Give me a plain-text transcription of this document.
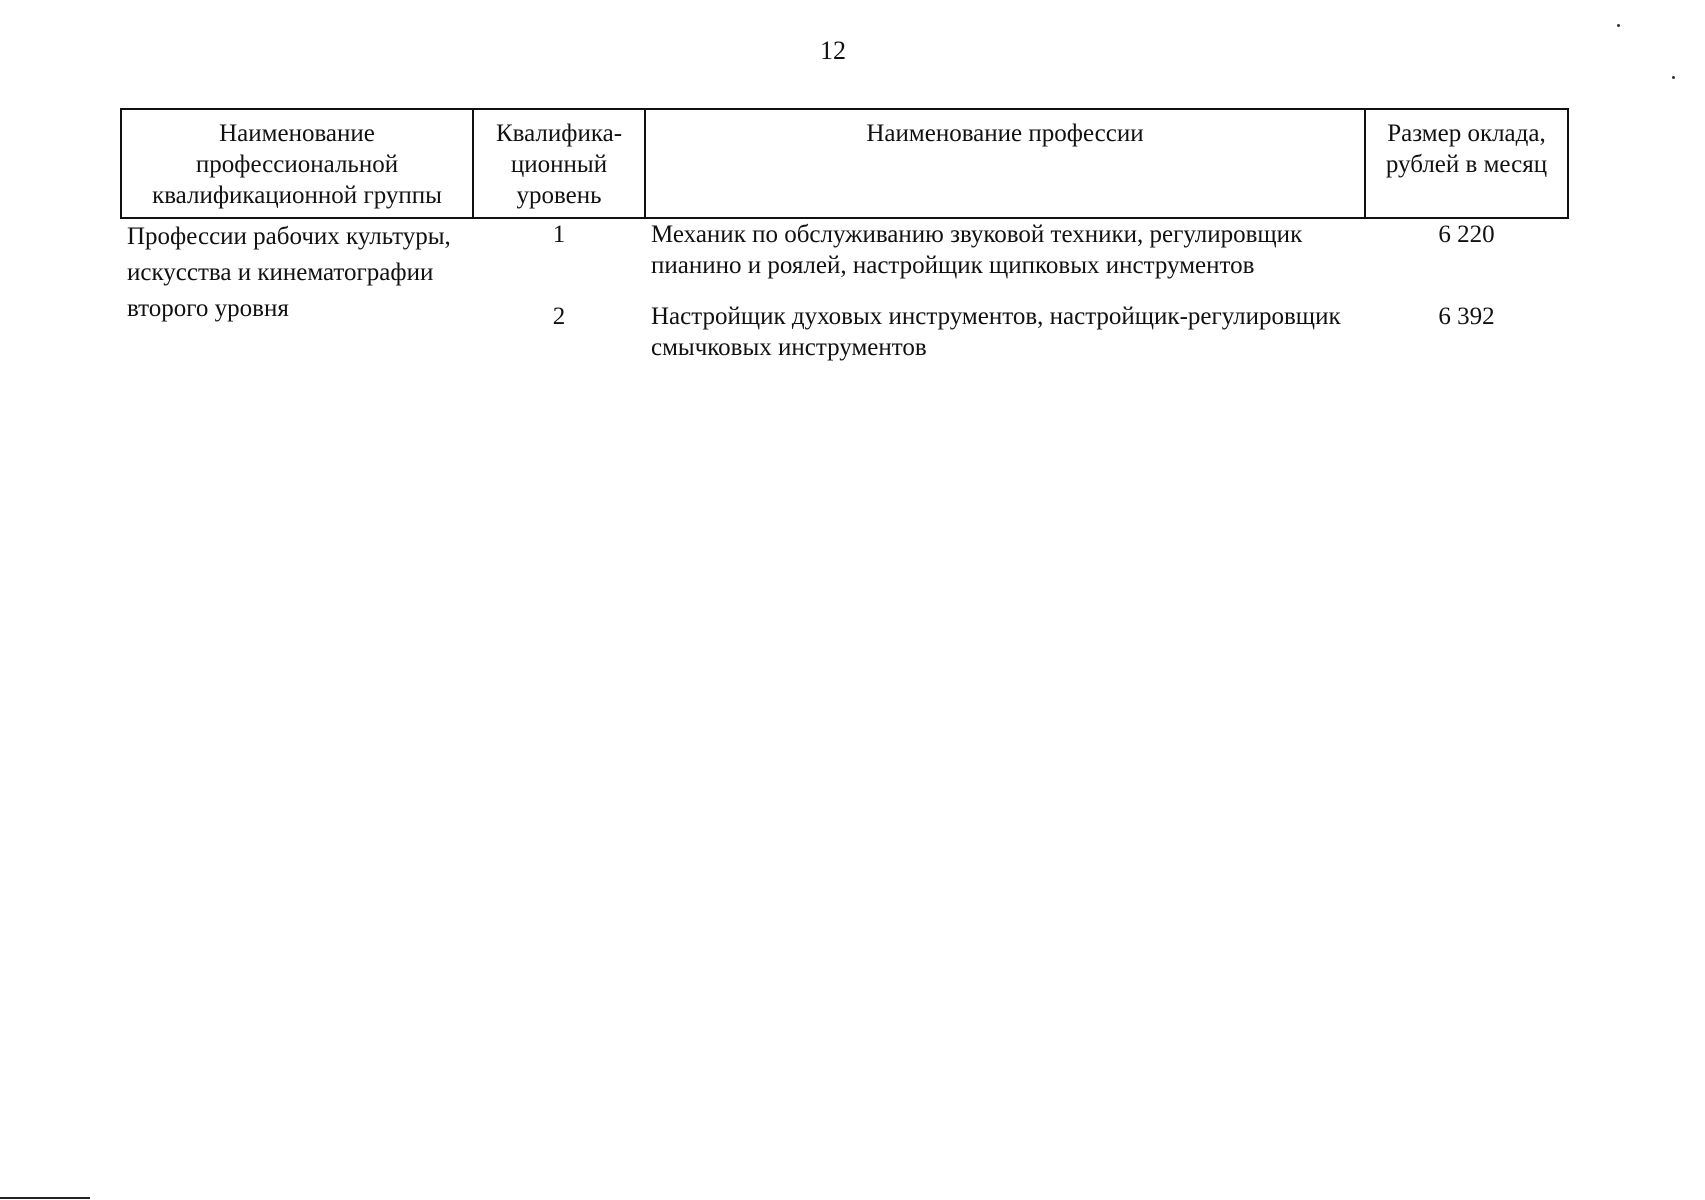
12
Наименование профессиональной квалификационной группы	Квалифика-ционный уровень	Наименование профессии	Размер оклада, рублей в месяц
Профессии рабочих культуры, искусства и кинематографии второго уровня	1	Механик по обслуживанию звуковой техники, регулировщик пианино и роялей, настройщик щипковых инструментов	6 220
	2	Настройщик духовых инструментов, настройщик-регулировщик смычковых инструментов	6 392
